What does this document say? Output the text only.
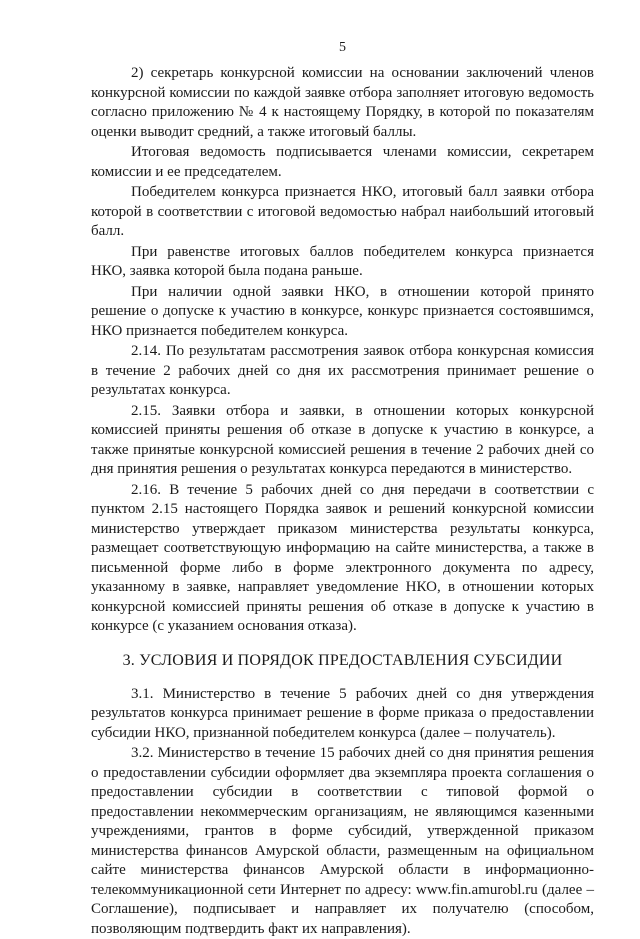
5

2) секретарь конкурсной комиссии на основании заключений членов конкурсной комиссии по каждой заявке отбора заполняет итоговую ведомость согласно приложению № 4 к настоящему Порядку, в которой по показателям оценки выводит средний, а также итоговый баллы.

Итоговая ведомость подписывается членами комиссии, секретарем комиссии и ее председателем.

Победителем конкурса признается НКО, итоговый балл заявки отбора которой в соответствии с итоговой ведомостью набрал наибольший итоговый балл.

При равенстве итоговых баллов победителем конкурса признается НКО, заявка которой была подана раньше.

При наличии одной заявки НКО, в отношении которой принято решение о допуске к участию в конкурсе, конкурс признается состоявшимся, НКО признается победителем конкурса.

2.14. По результатам рассмотрения заявок отбора конкурсная комиссия в течение 2 рабочих дней со дня их рассмотрения принимает решение о результатах конкурса.

2.15. Заявки отбора и заявки, в отношении которых конкурсной комиссией приняты решения об отказе в допуске к участию в конкурсе, а также принятые конкурсной комиссией решения в течение 2 рабочих дней со дня принятия решения о результатах конкурса передаются в министерство.

2.16. В течение 5 рабочих дней со дня передачи в соответствии с пунктом 2.15 настоящего Порядка заявок и решений конкурсной комиссии министерство утверждает приказом министерства результаты конкурса, размещает соответствующую информацию на сайте министерства, а также в письменной форме либо в форме электронного документа по адресу, указанному в заявке, направляет уведомление НКО, в отношении которых конкурсной комиссией приняты решения об отказе в допуске к участию в конкурсе (с указанием основания отказа).

3. УСЛОВИЯ И ПОРЯДОК ПРЕДОСТАВЛЕНИЯ СУБСИДИИ

3.1. Министерство в течение 5 рабочих дней со дня утверждения результатов конкурса принимает решение в форме приказа о предоставлении субсидии НКО, признанной победителем конкурса (далее – получатель).

3.2. Министерство в течение 15 рабочих дней со дня принятия решения о предоставлении субсидии оформляет два экземпляра проекта соглашения о предоставлении субсидии в соответствии с типовой формой о предоставлении некоммерческим организациям, не являющимся казенными учреждениями, грантов в форме субсидий, утвержденной приказом министерства финансов Амурской области, размещенным на официальном сайте министерства финансов Амурской области в информационно-телекоммуникационной сети Интернет по адресу: www.fin.amurobl.ru (далее – Соглашение), подписывает и направляет их получателю (способом, позволяющим подтвердить факт их направления).
